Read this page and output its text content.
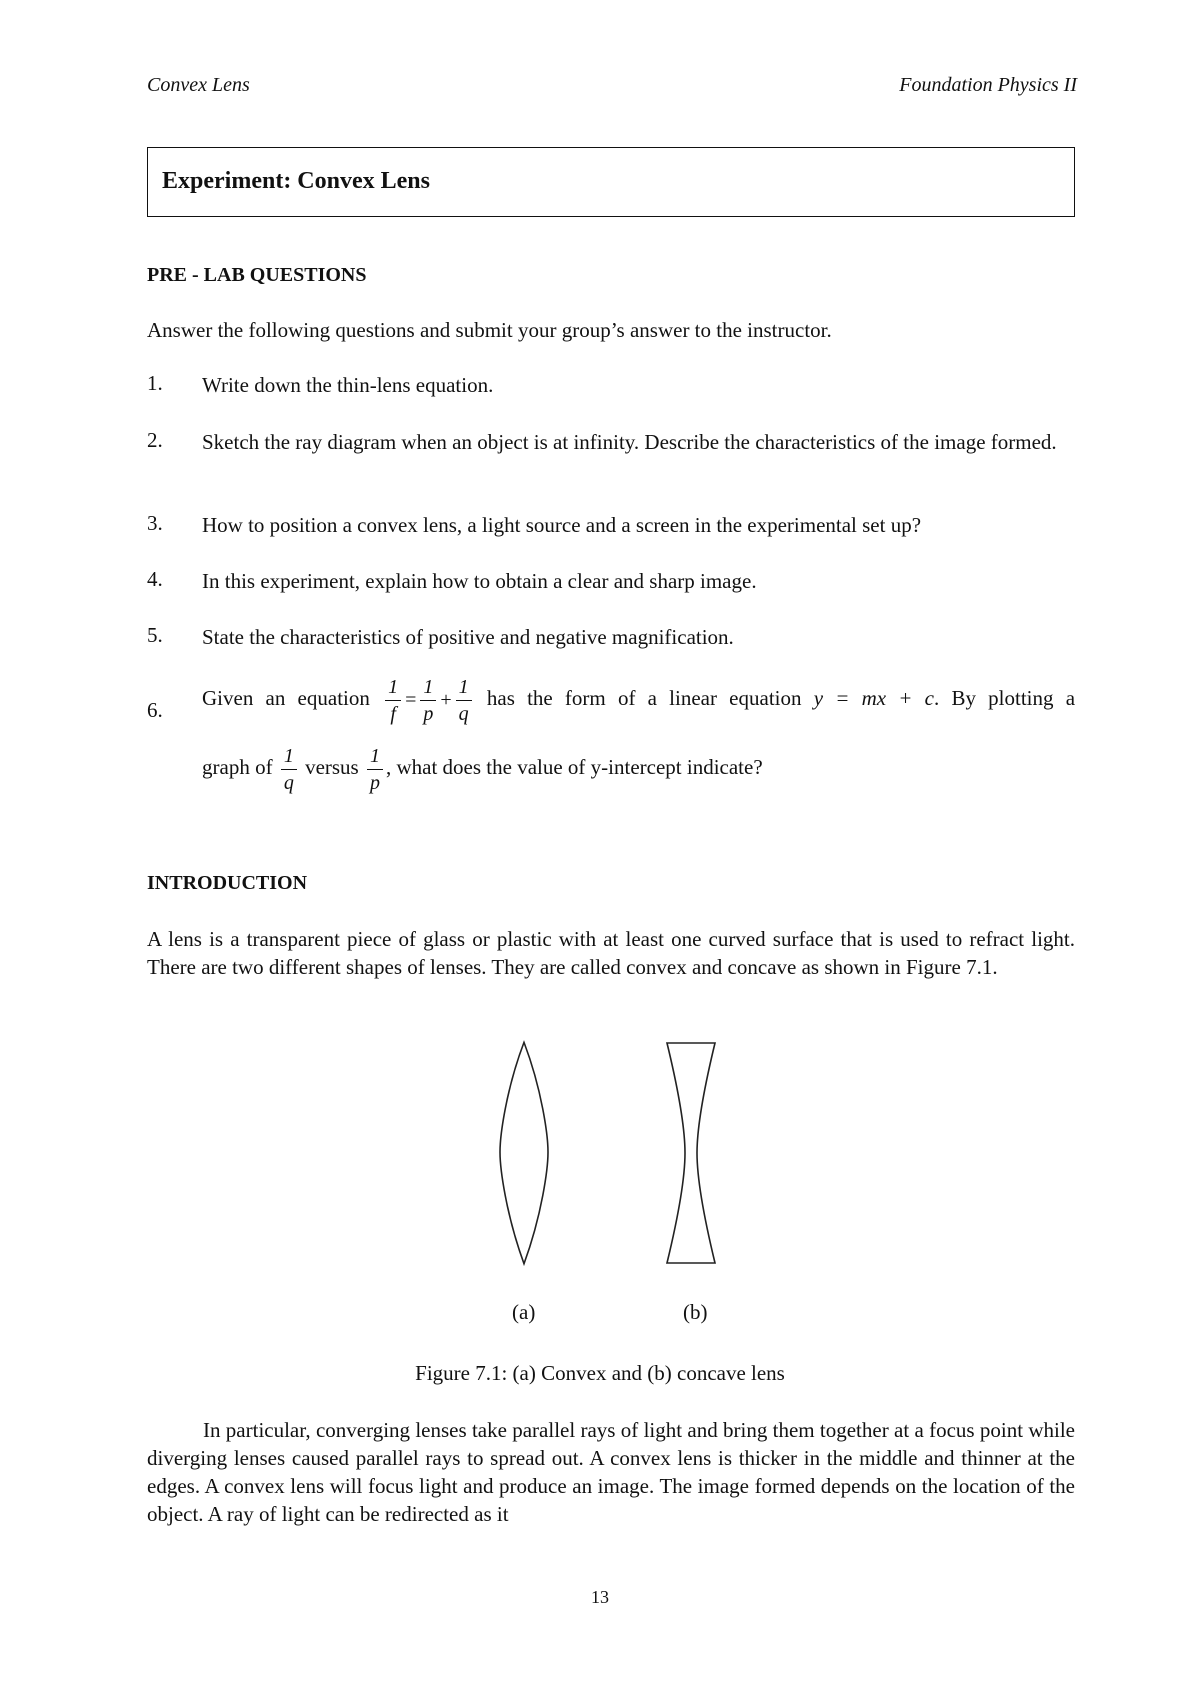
Convex Lens	Foundation Physics II
Experiment: Convex Lens
PRE - LAB QUESTIONS
Answer the following questions and submit your group’s answer to the instructor.
1. Write down the thin-lens equation.
2. Sketch the ray diagram when an object is at infinity. Describe the characteristics of the image formed.
3. How to position a convex lens, a light source and a screen in the experimental set up?
4. In this experiment, explain how to obtain a clear and sharp image.
5. State the characteristics of positive and negative magnification.
6. Given an equation $\frac{1}{f} = \frac{1}{p} + \frac{1}{q}$ has the form of a linear equation y = mx + c. By plotting a
graph of $\frac{1}{q}$ versus $\frac{1}{p}$ , what does the value of y-intercept indicate?
INTRODUCTION
A lens is a transparent piece of glass or plastic with at least one curved surface that is used to refract light. There are two different shapes of lenses. They are called convex and concave as shown in Figure 7.1.
(a)	(b)
Figure 7.1: (a) Convex and (b) concave lens
In particular, converging lenses take parallel rays of light and bring them together at a focus point while diverging lenses caused parallel rays to spread out. A convex lens is thicker in the middle and thinner at the edges. A convex lens will focus light and produce an image. The image formed depends on the location of the object. A ray of light can be redirected as it
13
